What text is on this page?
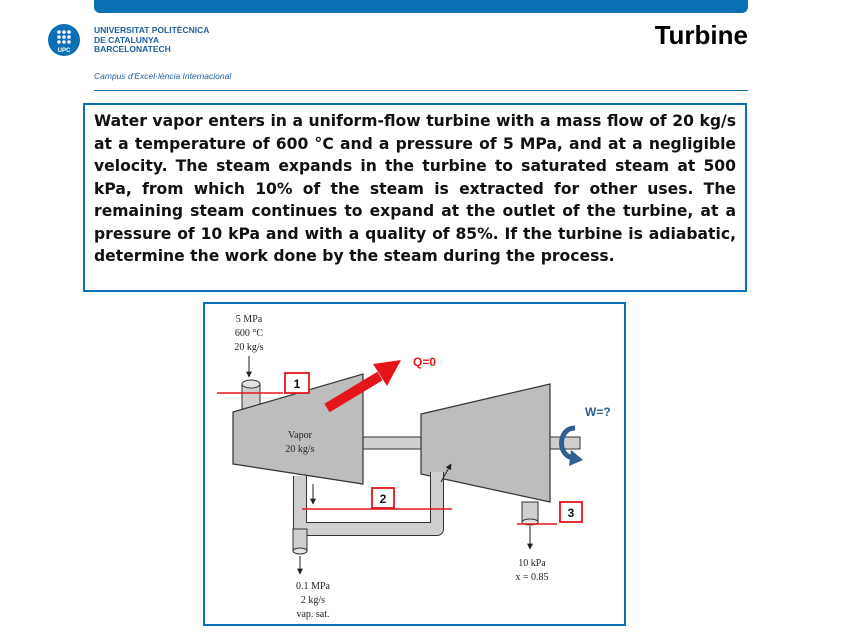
UPC
UNIVERSITAT POLITÈCNICA
DE CATALUNYA
BARCELONATECH
Campus d'Excel·lència Internacional
Turbine

Water vapor enters in a uniform-flow turbine with a mass flow of 20 kg/s at a temperature of 600 °C and a pressure of 5 MPa, and at a negligible velocity. The steam expands in the turbine to saturated steam at 500 kPa, from which 10% of the steam is extracted for other uses. The remaining steam continues to expand at the outlet of the turbine, at a pressure of 10 kPa and with a quality of 85%. If the turbine is adiabatic, determine the work done by the steam during the process.

5 MPa
600 °C
20 kg/s
Vapor
20 kg/s
Q=0
W=?
1
2
3
0.1 MPa
2 kg/s
vap. sat.
10 kPa
x = 0.85
